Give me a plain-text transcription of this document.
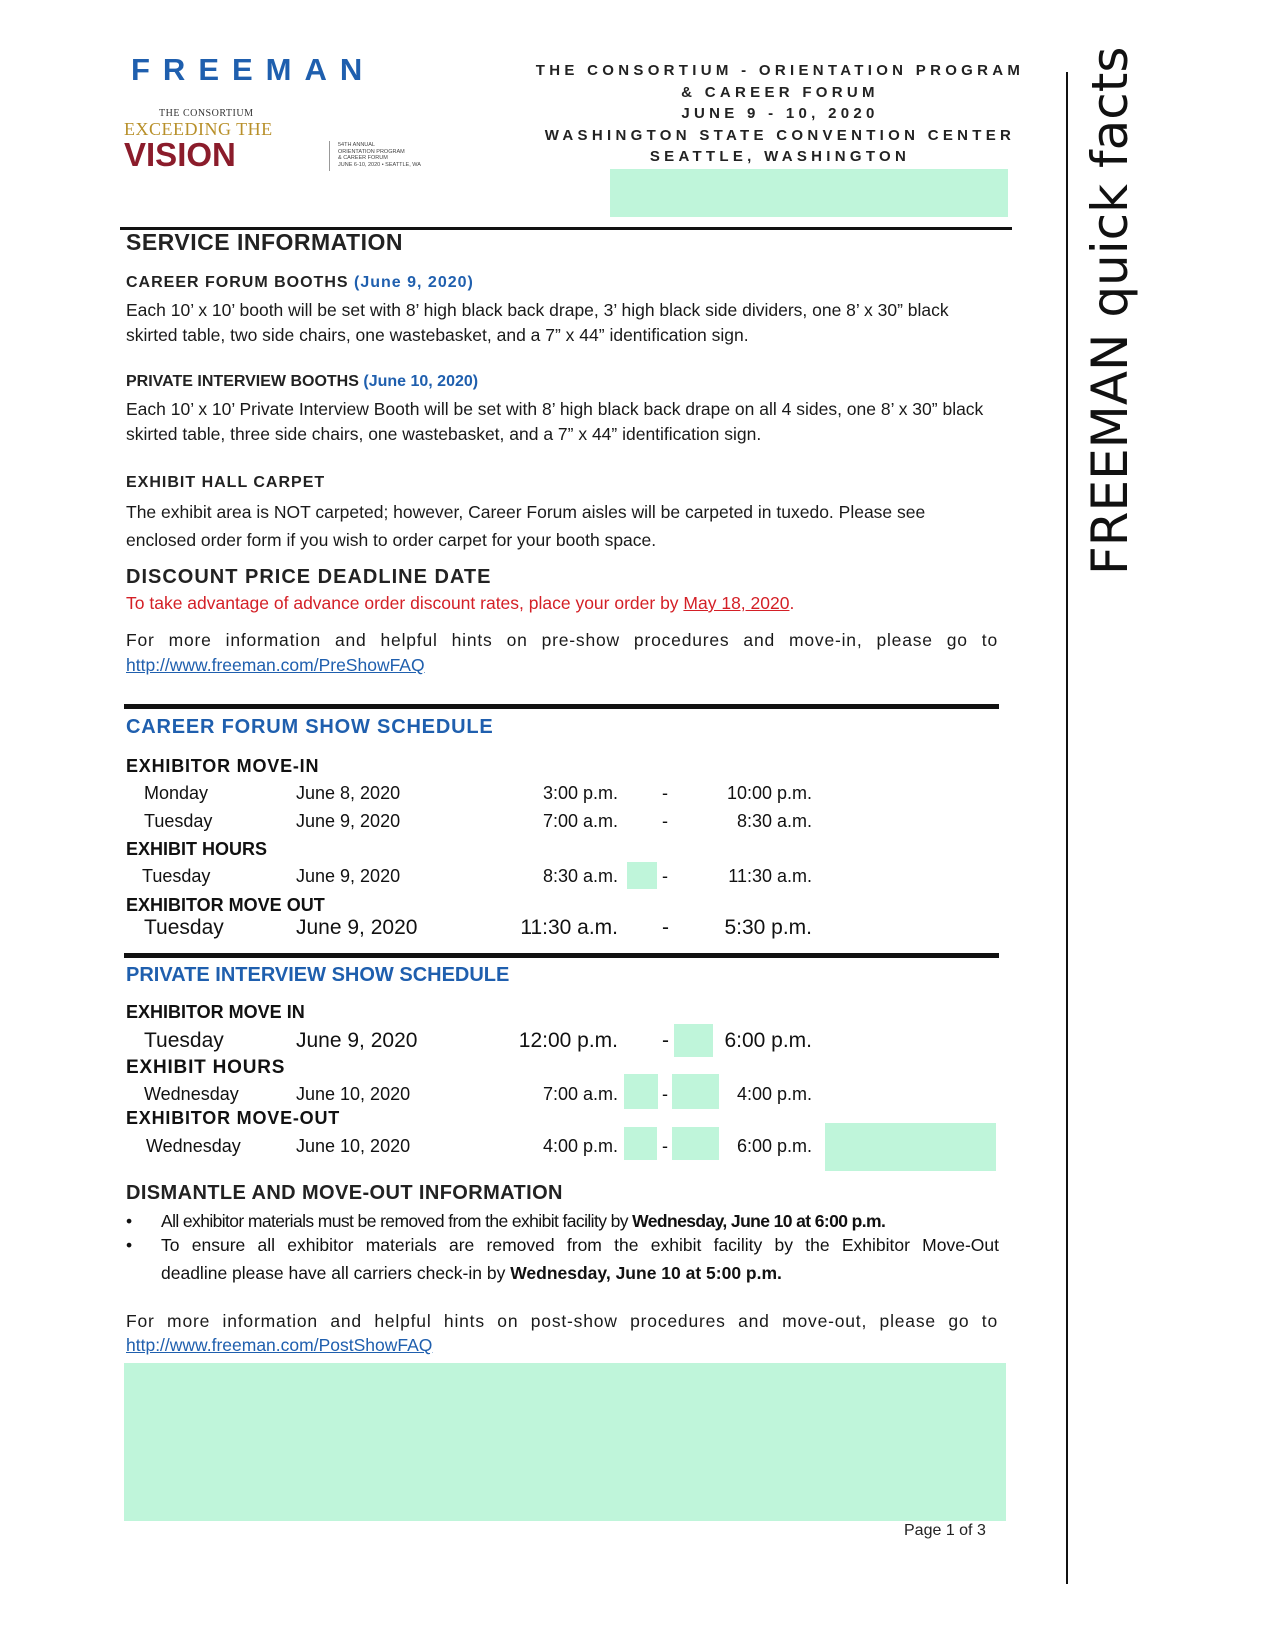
FREEMAN
THE CONSORTIUM
EXCEEDING THE
VISION	54TH ANNUAL
ORIENTATION PROGRAM
& CAREER FORUM
JUNE 6-10, 2020 • SEATTLE, WA
THE CONSORTIUM - ORIENTATION PROGRAM
& CAREER FORUM
JUNE 9 - 10, 2020
WASHINGTON STATE CONVENTION CENTER
SEATTLE, WASHINGTON	FREEMAN quick facts
SERVICE INFORMATION
CAREER FORUM BOOTHS (June 9, 2020)
Each 10’ x 10’ booth will be set with 8’ high black back drape, 3’ high black side dividers, one 8’ x 30” black skirted table, two side chairs, one wastebasket, and a 7” x 44” identification sign.
PRIVATE INTERVIEW BOOTHS (June 10, 2020)
Each 10’ x 10’ Private Interview Booth will be set with 8’ high black back drape on all 4 sides, one 8’ x 30” black skirted table, three side chairs, one wastebasket, and a 7” x 44” identification sign.
EXHIBIT HALL CARPET
The exhibit area is NOT carpeted; however, Career Forum aisles will be carpeted in tuxedo. Please see enclosed order form if you wish to order carpet for your booth space.
DISCOUNT PRICE DEADLINE DATE
To take advantage of advance order discount rates, place your order by May 18, 2020.
For more information and helpful hints on pre-show procedures and move-in, please go to
http://www.freeman.com/PreShowFAQ
CAREER FORUM SHOW SCHEDULE
EXHIBITOR MOVE-IN
Monday	June 8, 2020	3:00 p.m. -	10:00 p.m.
Tuesday	June 9, 2020	7:00 a.m. -	8:30 a.m.
EXHIBIT HOURS
Tuesday	June 9, 2020	8:30 a.m. -	11:30 a.m.
EXHIBITOR MOVE OUT
Tuesday	June 9, 2020	11:30 a.m. -	5:30 p.m.
PRIVATE INTERVIEW SHOW SCHEDULE
EXHIBITOR MOVE IN
Tuesday	June 9, 2020	12:00 p.m. -	6:00 p.m.
EXHIBIT HOURS
Wednesday	June 10, 2020	7:00 a.m. -	4:00 p.m.
EXHIBITOR MOVE-OUT
Wednesday	June 10, 2020	4:00 p.m. -	6:00 p.m.
DISMANTLE AND MOVE-OUT INFORMATION
• All exhibitor materials must be removed from the exhibit facility by Wednesday, June 10 at 6:00 p.m.
• To ensure all exhibitor materials are removed from the exhibit facility by the Exhibitor Move-Out
deadline please have all carriers check-in by Wednesday, June 10 at 5:00 p.m.
For more information and helpful hints on post-show procedures and move-out, please go to
http://www.freeman.com/PostShowFAQ
Page 1 of 3
